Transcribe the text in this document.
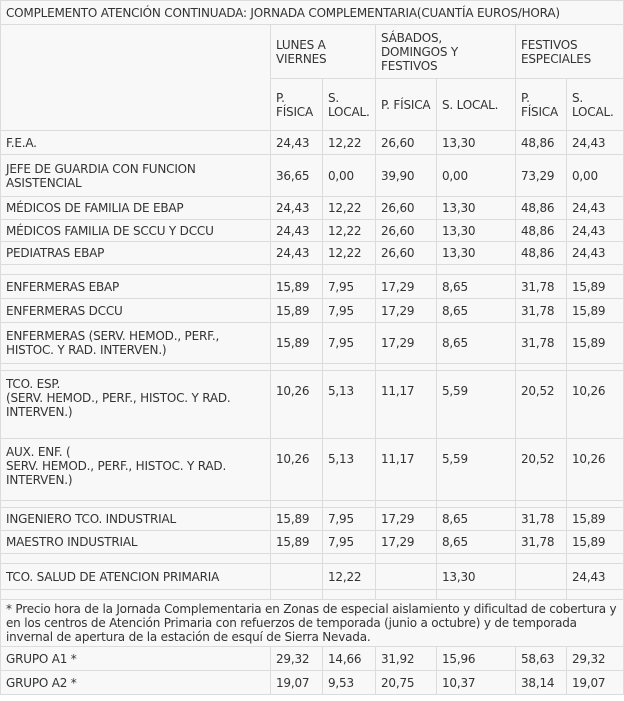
COMPLEMENTO ATENCIÓN CONTINUADA: JORNADA COMPLEMENTARIA(CUANTÍA EUROS/HORA)						
	LUNES A VIERNES		SÁBADOS, DOMINGOS Y FESTIVOS		FESTIVOS ESPECIALES	
	P. FÍSICA	S. LOCAL.	P. FÍSICA	S. LOCAL.	P. FÍSICA	S. LOCAL.
F.E.A.	24,43	12,22	26,60	13,30	48,86	24,43
JEFE DE GUARDIA CON FUNCION ASISTENCIAL	36,65	0,00	39,90	0,00	73,29	0,00
MÉDICOS DE FAMILIA DE EBAP	24,43	12,22	26,60	13,30	48,86	24,43
MÉDICOS FAMILIA DE SCCU Y DCCU	24,43	12,22	26,60	13,30	48,86	24,43
PEDIATRAS EBAP	24,43	12,22	26,60	13,30	48,86	24,43

ENFERMERAS EBAP	15,89	7,95	17,29	8,65	31,78	15,89
ENFERMERAS DCCU	15,89	7,95	17,29	8,65	31,78	15,89
ENFERMERAS (SERV. HEMOD., PERF., HISTOC. Y RAD. INTERVEN.)	15,89	7,95	17,29	8,65	31,78	15,89

TCO. ESP.
(SERV. HEMOD., PERF., HISTOC. Y RAD. INTERVEN.)	10,26	5,13	11,17	5,59	20,52	10,26

AUX. ENF. (
SERV. HEMOD., PERF., HISTOC. Y RAD. INTERVEN.)	10,26	5,13	11,17	5,59	20,52	10,26

INGENIERO TCO. INDUSTRIAL	15,89	7,95	17,29	8,65	31,78	15,89
MAESTRO INDUSTRIAL	15,89	7,95	17,29	8,65	31,78	15,89

TCO. SALUD DE ATENCION PRIMARIA		12,22		13,30		24,43

* Precio hora de la Jornada Complementaria en Zonas de especial aislamiento y dificultad de cobertura y en los centros de Atención Primaria con refuerzos de temporada (junio a octubre) y de temporada invernal de apertura de la estación de esquí de Sierra Nevada.						
GRUPO A1 *	29,32	14,66	31,92	15,96	58,63	29,32
GRUPO A2 *	19,07	9,53	20,75	10,37	38,14	19,07
